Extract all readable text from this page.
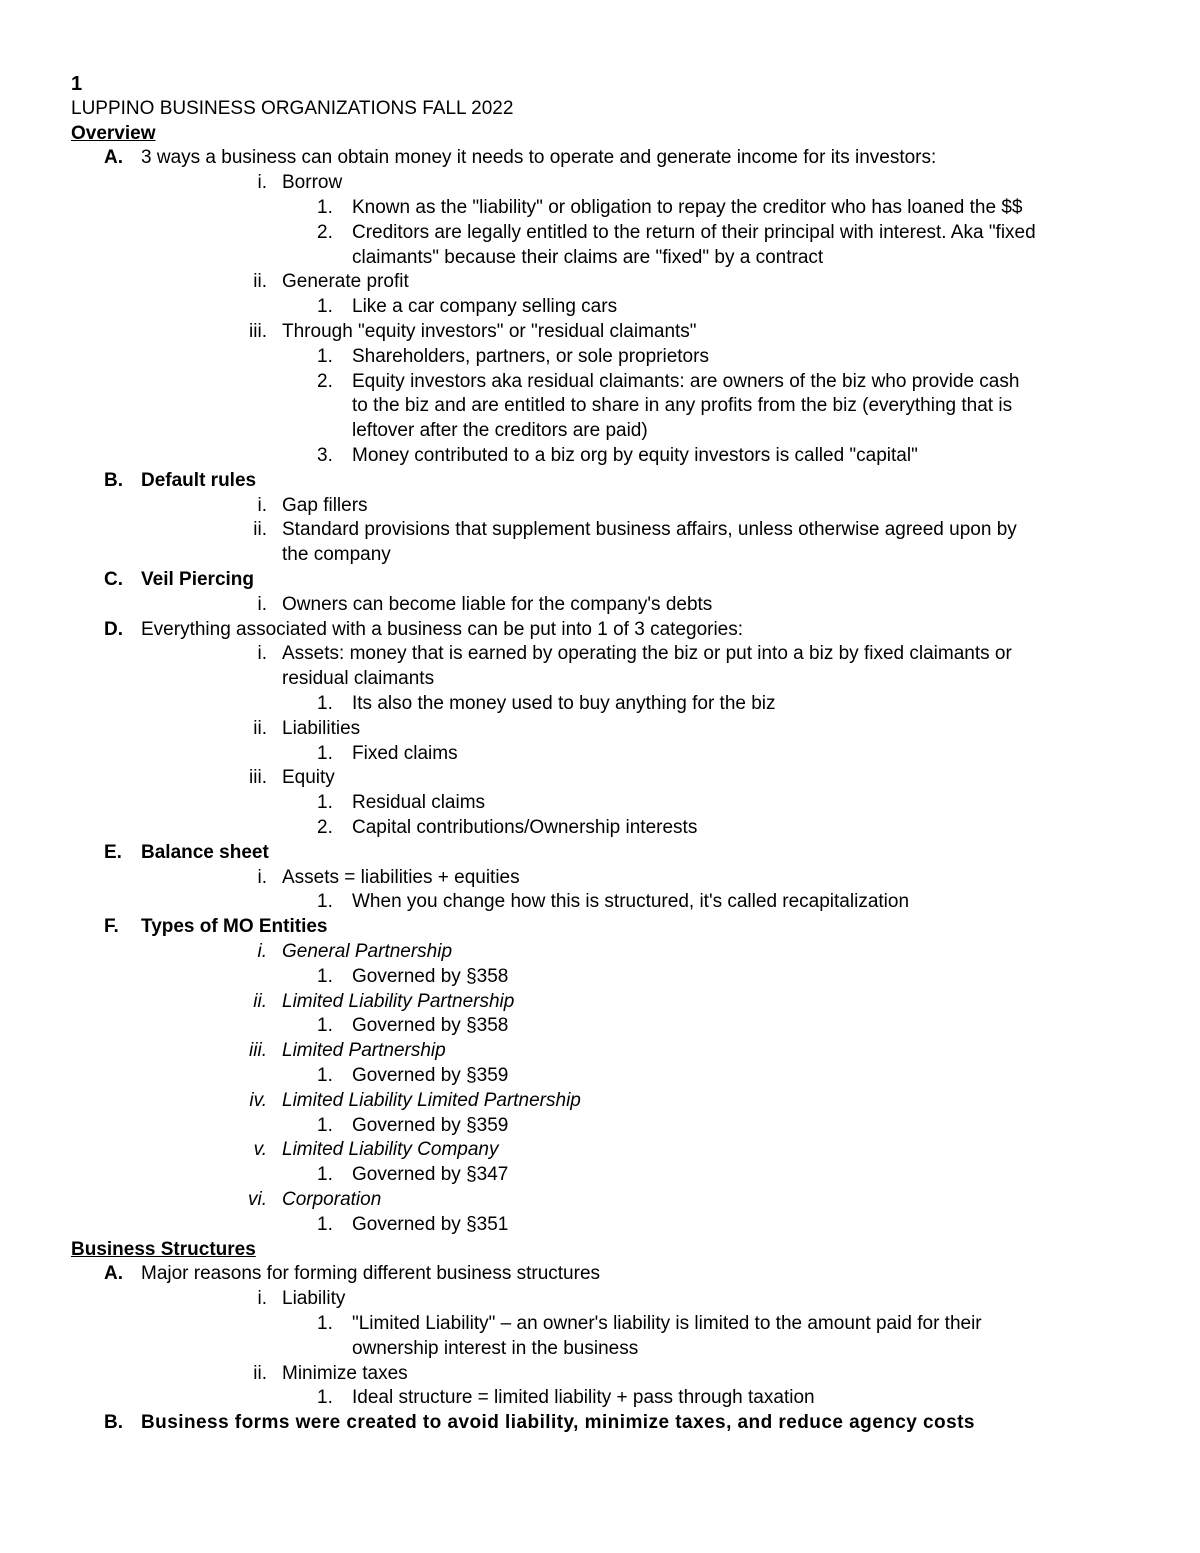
1
LUPPINO BUSINESS ORGANIZATIONS FALL 2022
Overview
A. 3 ways a business can obtain money it needs to operate and generate income for its investors:
i. Borrow
1. Known as the "liability" or obligation to repay the creditor who has loaned the $$
2. Creditors are legally entitled to the return of their principal with interest. Aka "fixed
claimants" because their claims are "fixed" by a contract
ii. Generate profit
1. Like a car company selling cars
iii. Through "equity investors" or "residual claimants"
1. Shareholders, partners, or sole proprietors
2. Equity investors aka residual claimants: are owners of the biz who provide cash
to the biz and are entitled to share in any profits from the biz (everything that is
leftover after the creditors are paid)
3. Money contributed to a biz org by equity investors is called "capital"
B. Default rules
i. Gap fillers
ii. Standard provisions that supplement business affairs, unless otherwise agreed upon by
the company
C. Veil Piercing
i. Owners can become liable for the company's debts
D. Everything associated with a business can be put into 1 of 3 categories:
i. Assets: money that is earned by operating the biz or put into a biz by fixed claimants or
residual claimants
1. Its also the money used to buy anything for the biz
ii. Liabilities
1. Fixed claims
iii. Equity
1. Residual claims
2. Capital contributions/Ownership interests
E. Balance sheet
i. Assets = liabilities + equities
1. When you change how this is structured, it's called recapitalization
F. Types of MO Entities
i. General Partnership
1. Governed by §358
ii. Limited Liability Partnership
1. Governed by §358
iii. Limited Partnership
1. Governed by §359
iv. Limited Liability Limited Partnership
1. Governed by §359
v. Limited Liability Company
1. Governed by §347
vi. Corporation
1. Governed by §351
Business Structures
A. Major reasons for forming different business structures
i. Liability
1. "Limited Liability" – an owner's liability is limited to the amount paid for their
ownership interest in the business
ii. Minimize taxes
1. Ideal structure = limited liability + pass through taxation
B. Business forms were created to avoid liability, minimize taxes, and reduce agency costs
